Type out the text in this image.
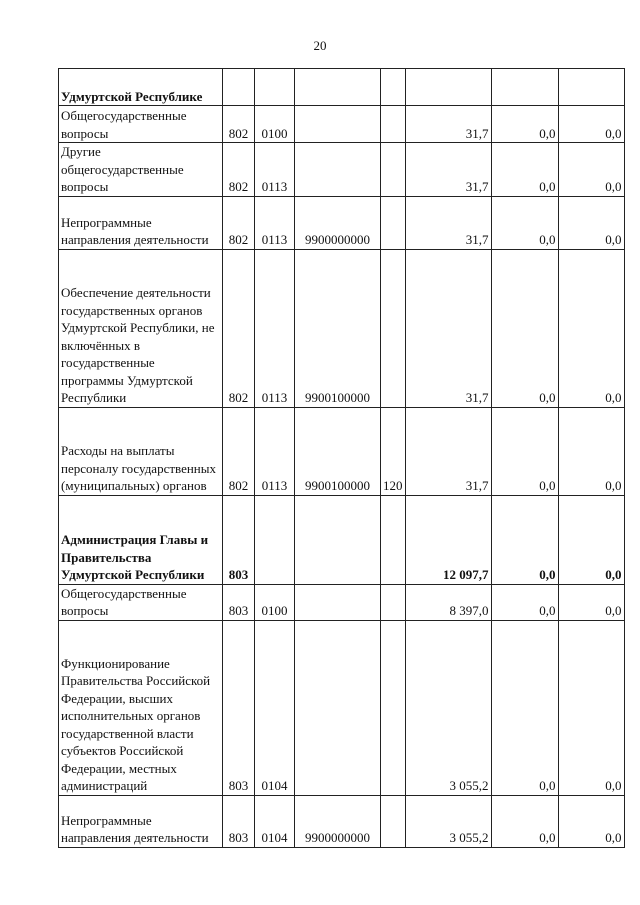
20
Удмуртской Республике							
Общегосударственные вопросы	802	0100			31,7	0,0	0,0
Другие общегосударственные вопросы	802	0113			31,7	0,0	0,0
Непрограммные направления деятельности	802	0113	9900000000		31,7	0,0	0,0
Обеспечение деятельности государственных органов Удмуртской Республики, не включённых в государственные программы Удмуртской Республики	802	0113	9900100000		31,7	0,0	0,0
Расходы на выплаты персоналу государственных (муниципальных) органов	802	0113	9900100000	120	31,7	0,0	0,0
Администрация Главы и Правительства Удмуртской Республики	803				12 097,7	0,0	0,0
Общегосударственные вопросы	803	0100			8 397,0	0,0	0,0
Функционирование Правительства Российской Федерации, высших исполнительных органов государственной власти субъектов Российской Федерации, местных администраций	803	0104			3 055,2	0,0	0,0
Непрограммные направления деятельности	803	0104	9900000000		3 055,2	0,0	0,0
